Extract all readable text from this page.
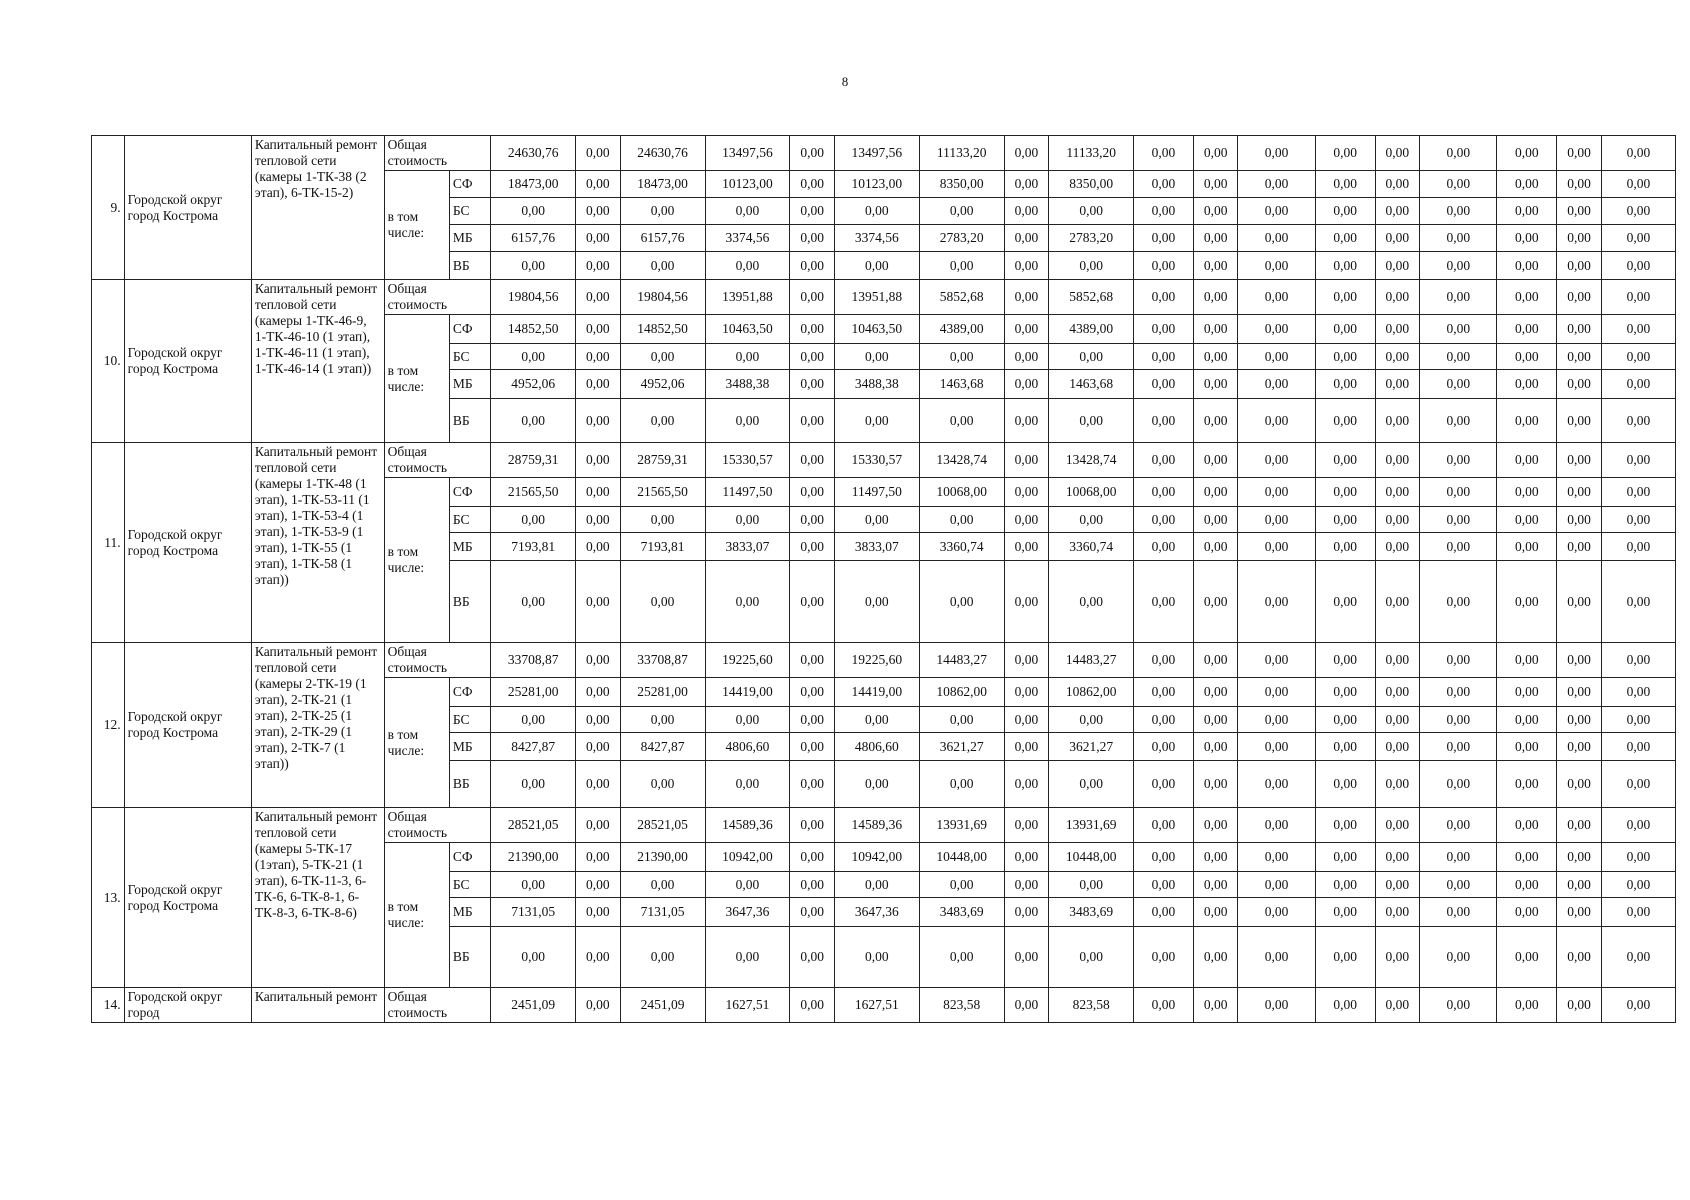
8
9.	Городской округ город Кострома	Капитальный ремонт тепловой сети (камеры 1-ТК-38 (2 этап), 6-ТК-15-2)	Общая стоимость		24630,76	0,00	24630,76	13497,56	0,00	13497,56	11133,20	0,00	11133,20	0,00	0,00	0,00	0,00	0,00	0,00	0,00	0,00	0,00
			в том числе:	СФ	18473,00	0,00	18473,00	10123,00	0,00	10123,00	8350,00	0,00	8350,00	0,00	0,00	0,00	0,00	0,00	0,00	0,00	0,00	0,00
				БС	0,00	0,00	0,00	0,00	0,00	0,00	0,00	0,00	0,00	0,00	0,00	0,00	0,00	0,00	0,00	0,00	0,00	0,00
				МБ	6157,76	0,00	6157,76	3374,56	0,00	3374,56	2783,20	0,00	2783,20	0,00	0,00	0,00	0,00	0,00	0,00	0,00	0,00	0,00
				ВБ	0,00	0,00	0,00	0,00	0,00	0,00	0,00	0,00	0,00	0,00	0,00	0,00	0,00	0,00	0,00	0,00	0,00	0,00
10.	Городской округ город Кострома	Капитальный ремонт тепловой сети (камеры 1-ТК-46-9, 1-ТК-46-10 (1 этап), 1-ТК-46-11 (1 этап), 1-ТК-46-14 (1 этап))	Общая стоимость		19804,56	0,00	19804,56	13951,88	0,00	13951,88	5852,68	0,00	5852,68	0,00	0,00	0,00	0,00	0,00	0,00	0,00	0,00	0,00
			в том числе:	СФ	14852,50	0,00	14852,50	10463,50	0,00	10463,50	4389,00	0,00	4389,00	0,00	0,00	0,00	0,00	0,00	0,00	0,00	0,00	0,00
				БС	0,00	0,00	0,00	0,00	0,00	0,00	0,00	0,00	0,00	0,00	0,00	0,00	0,00	0,00	0,00	0,00	0,00	0,00
				МБ	4952,06	0,00	4952,06	3488,38	0,00	3488,38	1463,68	0,00	1463,68	0,00	0,00	0,00	0,00	0,00	0,00	0,00	0,00	0,00
				ВБ	0,00	0,00	0,00	0,00	0,00	0,00	0,00	0,00	0,00	0,00	0,00	0,00	0,00	0,00	0,00	0,00	0,00	0,00
11.	Городской округ город Кострома	Капитальный ремонт тепловой сети (камеры 1-ТК-48 (1 этап), 1-ТК-53-11 (1 этап), 1-ТК-53-4 (1 этап), 1-ТК-53-9 (1 этап), 1-ТК-55 (1 этап), 1-ТК-58 (1 этап))	Общая стоимость		28759,31	0,00	28759,31	15330,57	0,00	15330,57	13428,74	0,00	13428,74	0,00	0,00	0,00	0,00	0,00	0,00	0,00	0,00	0,00
			в том числе:	СФ	21565,50	0,00	21565,50	11497,50	0,00	11497,50	10068,00	0,00	10068,00	0,00	0,00	0,00	0,00	0,00	0,00	0,00	0,00	0,00
				БС	0,00	0,00	0,00	0,00	0,00	0,00	0,00	0,00	0,00	0,00	0,00	0,00	0,00	0,00	0,00	0,00	0,00	0,00
				МБ	7193,81	0,00	7193,81	3833,07	0,00	3833,07	3360,74	0,00	3360,74	0,00	0,00	0,00	0,00	0,00	0,00	0,00	0,00	0,00
				ВБ	0,00	0,00	0,00	0,00	0,00	0,00	0,00	0,00	0,00	0,00	0,00	0,00	0,00	0,00	0,00	0,00	0,00	0,00
12.	Городской округ город Кострома	Капитальный ремонт тепловой сети (камеры 2-ТК-19 (1 этап), 2-ТК-21 (1 этап), 2-ТК-25 (1 этап), 2-ТК-29 (1 этап), 2-ТК-7 (1 этап))	Общая стоимость		33708,87	0,00	33708,87	19225,60	0,00	19225,60	14483,27	0,00	14483,27	0,00	0,00	0,00	0,00	0,00	0,00	0,00	0,00	0,00
			в том числе:	СФ	25281,00	0,00	25281,00	14419,00	0,00	14419,00	10862,00	0,00	10862,00	0,00	0,00	0,00	0,00	0,00	0,00	0,00	0,00	0,00
				БС	0,00	0,00	0,00	0,00	0,00	0,00	0,00	0,00	0,00	0,00	0,00	0,00	0,00	0,00	0,00	0,00	0,00	0,00
				МБ	8427,87	0,00	8427,87	4806,60	0,00	4806,60	3621,27	0,00	3621,27	0,00	0,00	0,00	0,00	0,00	0,00	0,00	0,00	0,00
				ВБ	0,00	0,00	0,00	0,00	0,00	0,00	0,00	0,00	0,00	0,00	0,00	0,00	0,00	0,00	0,00	0,00	0,00	0,00
13.	Городской округ город Кострома	Капитальный ремонт тепловой сети (камеры 5-ТК-17 (1этап), 5-ТК-21 (1 этап), 6-ТК-11-3, 6-ТК-6, 6-ТК-8-1, 6-ТК-8-3, 6-ТК-8-6)	Общая стоимость		28521,05	0,00	28521,05	14589,36	0,00	14589,36	13931,69	0,00	13931,69	0,00	0,00	0,00	0,00	0,00	0,00	0,00	0,00	0,00
			в том числе:	СФ	21390,00	0,00	21390,00	10942,00	0,00	10942,00	10448,00	0,00	10448,00	0,00	0,00	0,00	0,00	0,00	0,00	0,00	0,00	0,00
				БС	0,00	0,00	0,00	0,00	0,00	0,00	0,00	0,00	0,00	0,00	0,00	0,00	0,00	0,00	0,00	0,00	0,00	0,00
				МБ	7131,05	0,00	7131,05	3647,36	0,00	3647,36	3483,69	0,00	3483,69	0,00	0,00	0,00	0,00	0,00	0,00	0,00	0,00	0,00
				ВБ	0,00	0,00	0,00	0,00	0,00	0,00	0,00	0,00	0,00	0,00	0,00	0,00	0,00	0,00	0,00	0,00	0,00	0,00
14.	Городской округ город	Капитальный ремонт	Общая стоимость		2451,09	0,00	2451,09	1627,51	0,00	1627,51	823,58	0,00	823,58	0,00	0,00	0,00	0,00	0,00	0,00	0,00	0,00	0,00
